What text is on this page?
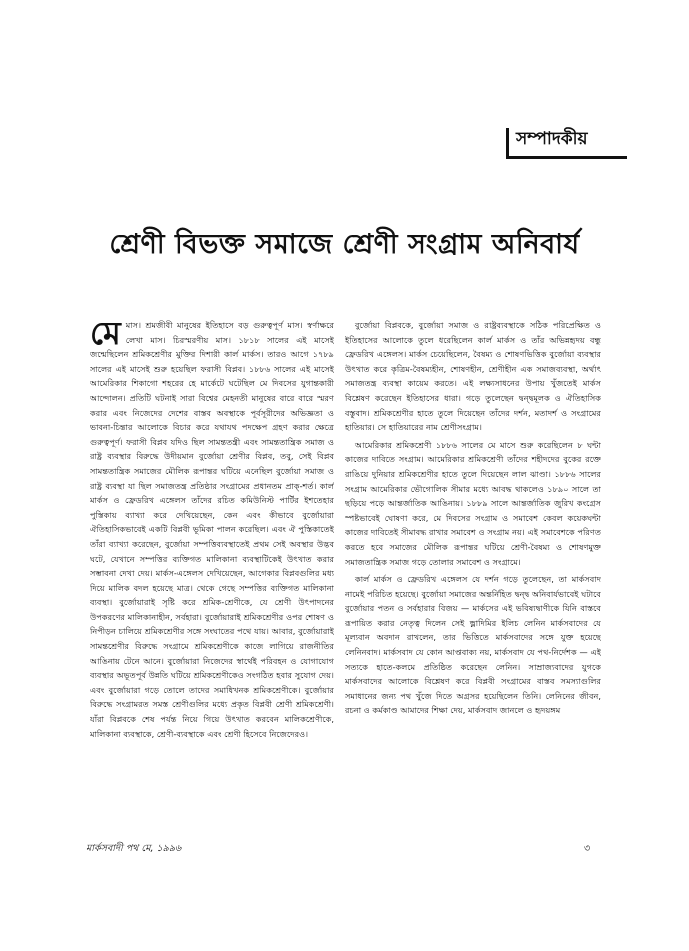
সম্পাদকীয়
শ্রেণী বিভক্ত সমাজে শ্রেণী সংগ্রাম অনিবার্য

মেমাস। শ্রমজীবী মানুষের ইতিহাসে বড় গুরুত্বপূর্ণ মাস। স্বর্ণাক্ষরে লেখা মাস। চিরস্মরণীয় মাস। ১৮১৮ সালের এই মাসেই জন্মেছিলেন শ্রমিকশ্রেণীর মুক্তির দিশারী কার্ল মার্কস। তারও আগে ১৭৮৯ সালের এই মাসেই শুরু হয়েছিল ফরাসী বিপ্লব। ১৮৮৬ সালের এই মাসেই আমেরিকার শিকাগো শহরের হে মার্কেটে ঘটেছিল মে দিবসের যুগান্তকারী আন্দোলন। প্রতিটি ঘটনাই সারা বিশ্বের মেহনতী মানুষের বারে বারে স্মরণ করার এবং নিজেদের দেশের বাস্তব অবস্থাকে পূর্বসূরীদের অভিজ্ঞতা ও ভাবনা-চিন্তার আলোকে বিচার করে যথাযথ পদক্ষেপ গ্রহণ করার ক্ষেত্রে গুরুত্বপূর্ণ। ফরাসী বিপ্লব যদিও ছিল সামন্ততন্ত্রী এবং সামন্ততান্ত্রিক সমাজ ও রাষ্ট্র ব্যবস্থার বিরুদ্ধে উদীয়মান বুর্জোয়া শ্রেণীর বিপ্লব, তবু, সেই বিপ্লব সামন্ততান্ত্রিক সমাজের মৌলিক রূপান্তর ঘটিয়ে এনেছিল বুর্জোয়া সমাজ ও রাষ্ট্র ব্যবস্থা যা ছিল সমাজতন্ত্র প্রতিষ্ঠার সংগ্রামের প্রধানতম প্রাক্-শর্ত। কার্ল মার্কস ও ফ্রেডরিখ এঙ্গেলস তাঁদের রচিত কমিউনিস্ট পার্টির ইশতেহার পুস্তিকায় ব্যাখ্যা করে দেখিয়েছেন, কেন এবং কীভাবে বুর্জোয়ারা ঐতিহাসিকভাবেই একটি বিপ্লবী ভূমিকা পালন করেছিল। এবং ঐ পুস্তিকাতেই তাঁরা ব্যাখ্যা করেছেন, বুর্জোয়া সম্পত্তিব্যবস্থাতেই প্রথম সেই অবস্থার উদ্ভব ঘটে, যেখানে সম্পত্তির ব্যক্তিগত মালিকানা ব্যবস্থাটিকেই উৎখাত করার সম্ভাবনা দেখা দেয়। মার্কস-এঙ্গেলস দেখিয়েছেন, আগেকার বিপ্লবগুলির মধ্য দিয়ে মালিক বদল হয়েছে মাত্র। থেকে গেছে সম্পত্তির ব্যক্তিগত মালিকানা ব্যবস্থা। বুর্জোয়ারাই সৃষ্টি করে শ্রমিক-শ্রেণীকে, যে শ্রেণী উৎপাদনের উপকরণের মালিকানাহীন, সর্বহারা। বুর্জোয়ারাই শ্রমিকশ্রেণীর ওপর শোষণ ও নিপীড়ন চালিয়ে শ্রমিকশ্রেণীর সঙ্গে সংঘাতের পথে যায়। আবার, বুর্জোয়ারাই সামন্তশ্রেণীর বিরুদ্ধে সংগ্রামে শ্রমিকশ্রেণীকে কাজে লাগিয়ে রাজনীতির আঙিনায় টেনে আনে। বুর্জোয়ারা নিজেদের স্বার্থেই পরিবহন ও যোগাযোগ ব্যবস্থার অভূতপূর্ব উন্নতি ঘটিয়ে শ্রমিকশ্রেণীকেও সংগঠিত হবার সুযোগ দেয়। এবং বুর্জোয়ারা গড়ে তোলে তাদের সমাধিখনক শ্রমিকশ্রেণীকে। বুর্জোয়ার বিরুদ্ধে সংগ্রামরত সমস্ত শ্রেণীগুলির মধ্যে প্রকৃত বিপ্লবী শ্রেণী শ্রমিকশ্রেণী। যাঁরা বিপ্লবকে শেষ পর্যন্ত নিয়ে গিয়ে উৎখাত করবেন মালিকশ্রেণীকে, মালিকানা ব্যবস্থাকে, শ্রেণী-ব্যবস্থাকে এবং শ্রেণী হিসেবে নিজেদেরও।

বুর্জোয়া বিপ্লবকে, বুর্জোয়া সমাজ ও রাষ্ট্রব্যবস্থাকে সঠিক পরিপ্রেক্ষিত ও ইতিহাসের আলোকে তুলে ধরেছিলেন কার্ল মার্কস ও তাঁর অভিন্নহৃদয় বন্ধু ফ্রেডরিখ এঙ্গেলস। মার্কস চেয়েছিলেন, বৈষম্য ও শোষণভিত্তিক বুর্জোয়া ব্যবস্থার উৎখাত করে কৃত্রিম-বৈষম্যহীন, শোষণহীন, শ্রেণীহীন এক সমাজব্যবস্থা, অর্থাৎ সমাজতন্ত্র ব্যবস্থা কায়েম করতে। এই লক্ষ্যসাধনের উপায় খুঁজতেই মার্কস বিশ্লেষণ করেছেন ইতিহাসের ধারা। গড়ে তুলেছেন দ্বন্দ্বমূলক ও ঐতিহাসিক বস্তুবাদ। শ্রমিকশ্রেণীর হাতে তুলে দিয়েছেন তাঁদের দর্শন, মতাদর্শ ও সংগ্রামের হাতিয়ার। সে হাতিয়ারের নাম শ্রেণীসংগ্রাম।

আমেরিকার শ্রমিকশ্রেণী ১৮৮৬ সালের মে মাসে শুরু করেছিলেন ৮ ঘন্টা কাজের দাবিতে সংগ্রাম। আমেরিকার শ্রমিকশ্রেণী তাঁদের শহীদদের বুকের রক্তে রাঙিয়ে দুনিয়ার শ্রমিকশ্রেণীর হাতে তুলে দিয়েছেন লাল ঝাণ্ডা। ১৮৮৬ সালের সংগ্রাম আমেরিকার ভৌগোলিক সীমার মধ্যে আবদ্ধ থাকলেও ১৮৯০ সালে তা ছড়িয়ে পড়ে আন্তর্জাতিক আঙিনায়। ১৮৮৯ সালে আন্তর্জাতিক জুরিখ কংগ্রেস স্পষ্টভাবেই ঘোষণা করে, মে দিবসের সংগ্রাম ও সমাবেশ কেবল কয়েকঘন্টা কাজের দাবিতেই সীমাবদ্ধ রাখার সমাবেশ ও সংগ্রাম নয়। এই সমাবেশকে পরিণত করতে হবে সমাজের মৌলিক রূপান্তর ঘটিয়ে শ্রেণী-বৈষম্য ও শোষণমুক্ত সমাজতান্ত্রিক সমাজ গড়ে তোলার সমাবেশ ও সংগ্রামে।

কার্ল মার্কস ও ফ্রেডরিখ এঙ্গেলস যে দর্শন গড়ে তুলেছেন, তা মার্কসবাদ নামেই পরিচিত হয়েছে। বুর্জোয়া সমাজের অন্তর্নিহিত দ্বন্দ্ব অনিবার্যভাবেই ঘটাবে বুর্জোয়ার পতন ও সর্বহারার বিজয় — মার্কসের এই ভবিষ্যদ্বাণীকে যিনি বাস্তবে রূপায়িত করার নেতৃত্ব দিলেন সেই ভ্লাদিমির ইলিচ লেনিন মার্কসবাদের যে মূল্যবান অবদান রাখলেন, তার ভিত্তিতে মার্কসবাদের সঙ্গে যুক্ত হয়েছে লেনিনবাদ। মার্কসবাদ যে কোন আপ্তবাক্য নয়, মার্কসবাদ যে পথ-নির্দেশক — এই সত্যকে হাতে-কলমে প্রতিষ্ঠিত করেছেন লেনিন। সাম্রাজ্যবাদের যুগকে মার্কসবাদের আলোকে বিশ্লেষণ করে বিপ্লবী সংগ্রামের বাস্তব সমস্যাগুলির সমাধানের জন্য পথ খুঁজে দিতে অগ্রসর হয়েছিলেন তিনি। লেনিনের জীবন, রচনা ও কর্মকাণ্ড আমাদের শিক্ষা দেয়, মার্কসবাদ জানলে ও হৃদয়ঙ্গম

মার্কসবাদী পথ মে, ১৯৯৬	৩
